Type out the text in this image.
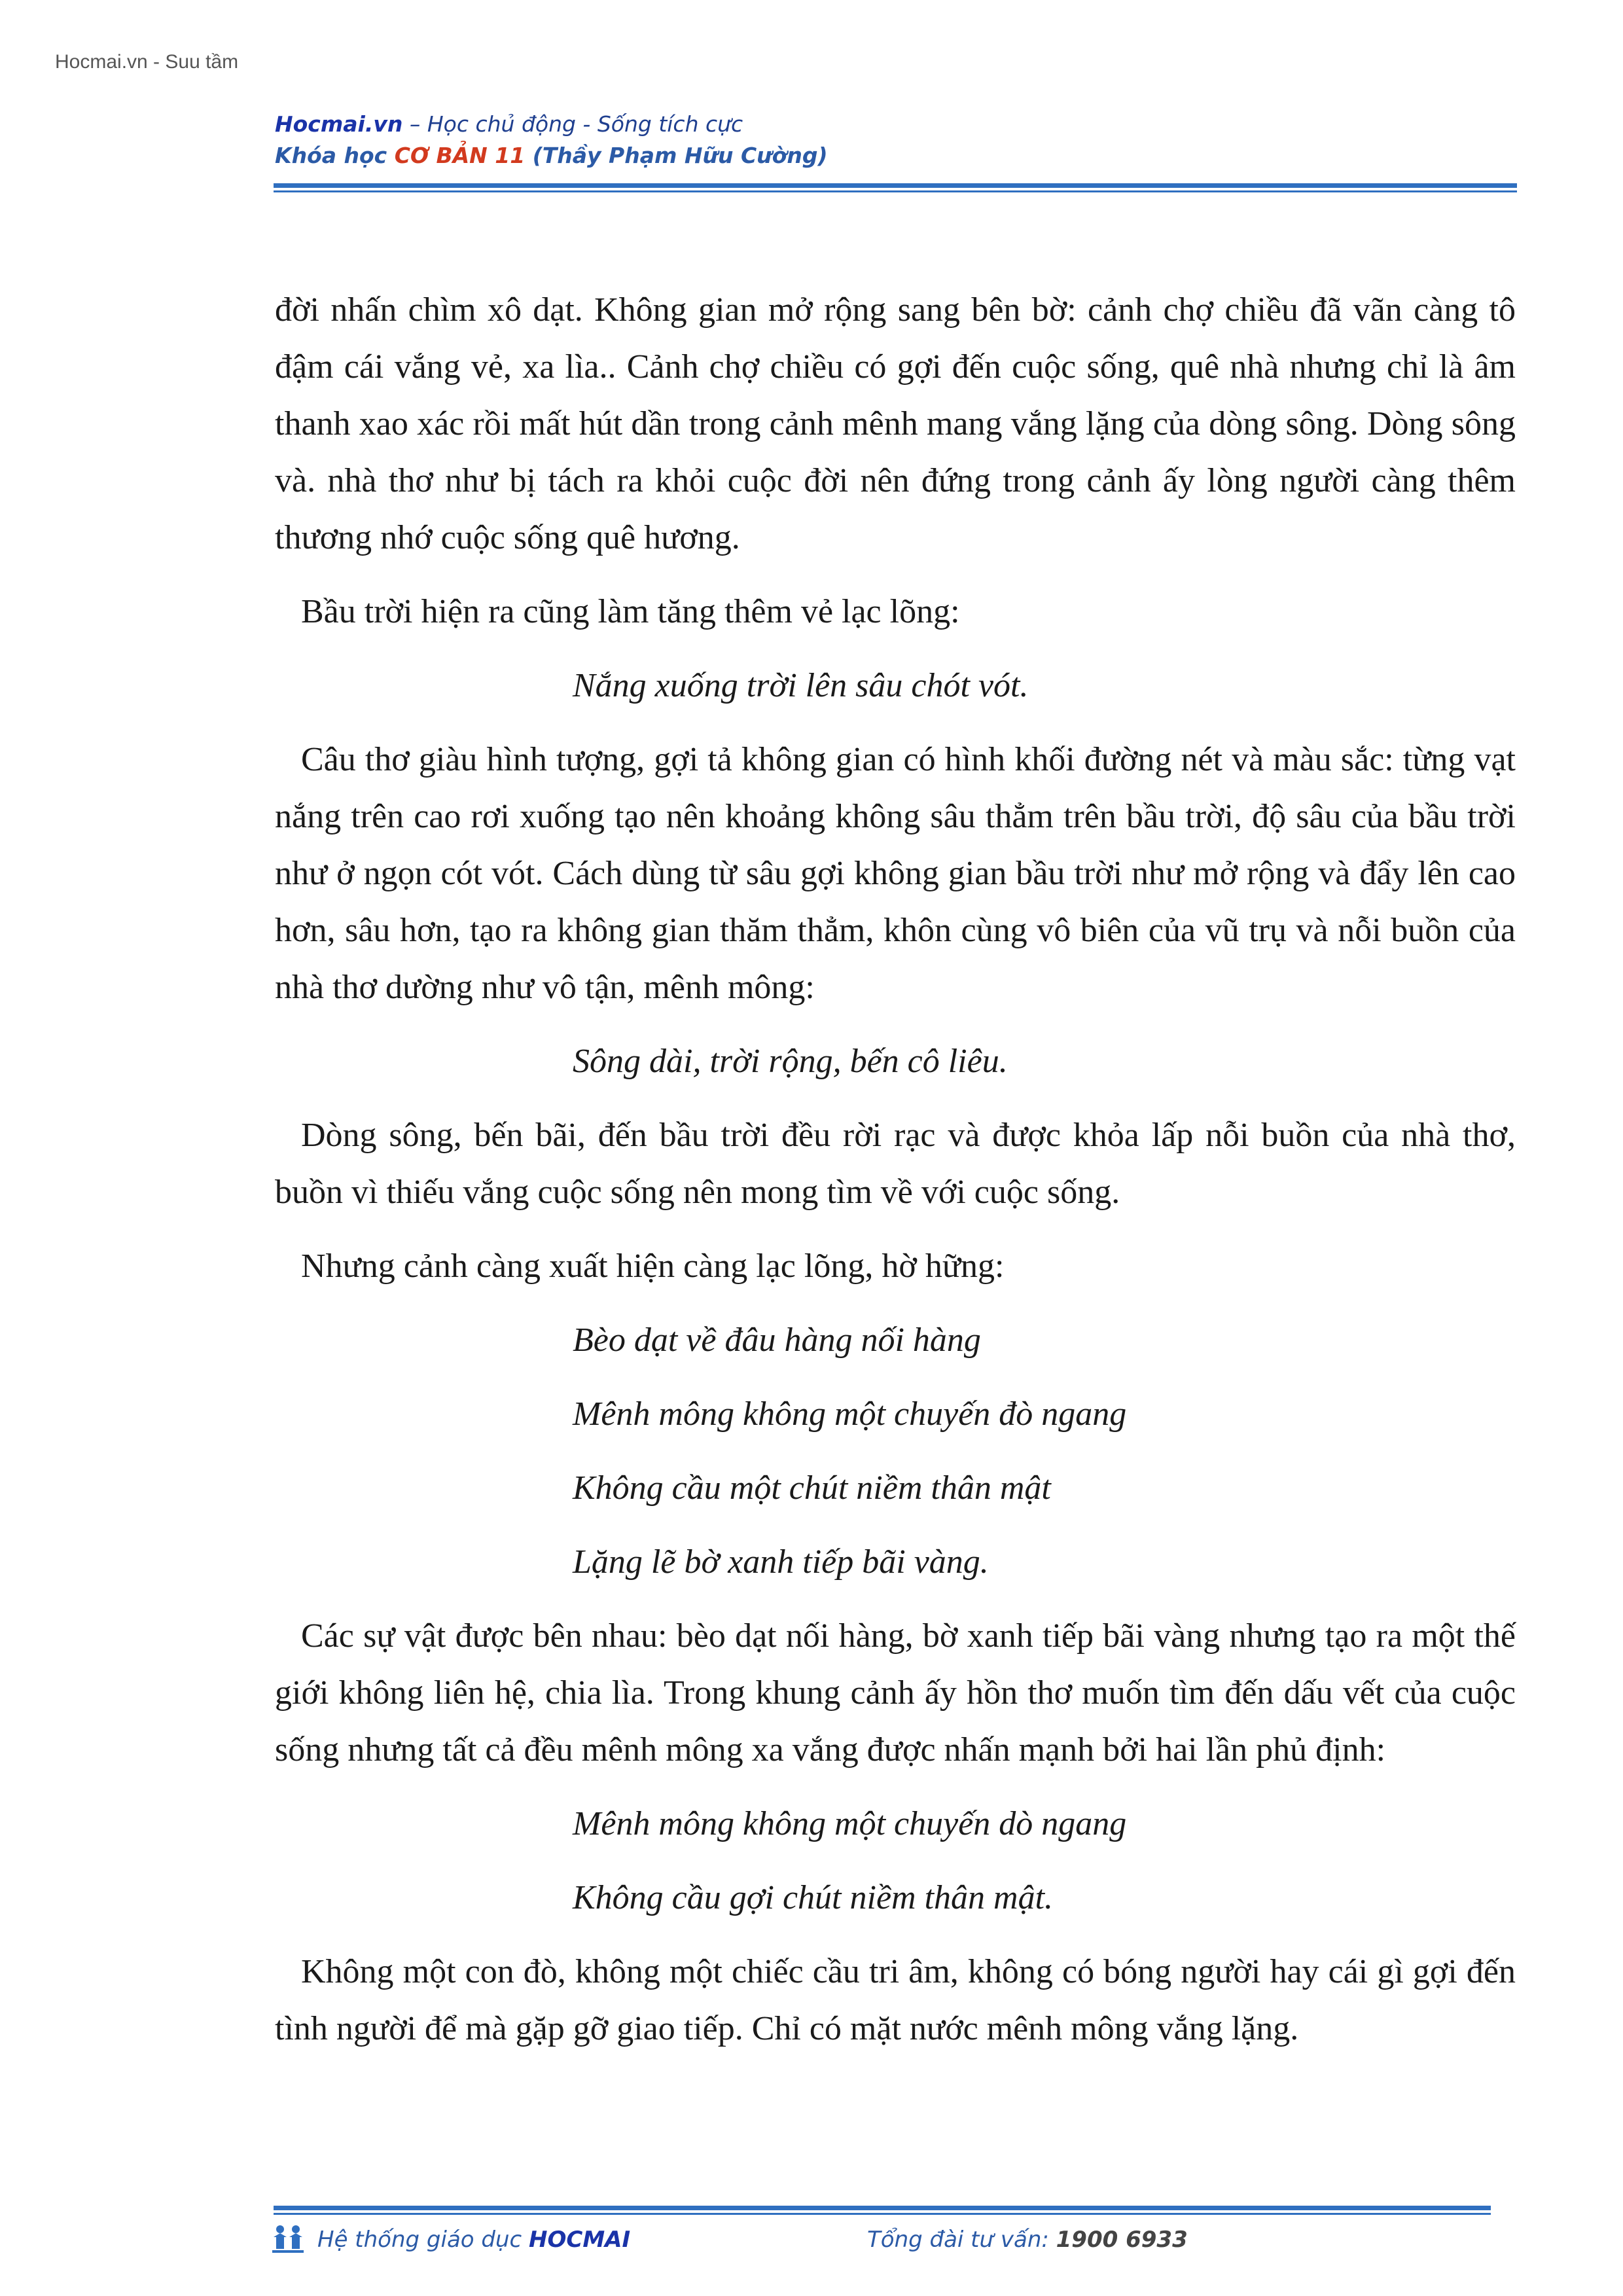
Hocmai.vn - Suu tầm
Hocmai.vn – Học chủ động - Sống tích cực
Khóa học CƠ BẢN 11 (Thầy Phạm Hữu Cường)

đời nhấn chìm xô dạt. Không gian mở rộng sang bên bờ: cảnh chợ chiều đã vãn càng tô đậm cái vắng vẻ, xa lìa.. Cảnh chợ chiều có gợi đến cuộc sống, quê nhà nhưng chỉ là âm thanh xao xác rồi mất hút dần trong cảnh mênh mang vắng lặng của dòng sông. Dòng sông và. nhà thơ như bị tách ra khỏi cuộc đời nên đứng trong cảnh ấy lòng người càng thêm thương nhớ cuộc sống quê hương.

Bầu trời hiện ra cũng làm tăng thêm vẻ lạc lõng:

Nắng xuống trời lên sâu chót vót.

Câu thơ giàu hình tượng, gợi tả không gian có hình khối đường nét và màu sắc: từng vạt nắng trên cao rơi xuống tạo nên khoảng không sâu thẳm trên bầu trời, độ sâu của bầu trời như ở ngọn cót vót. Cách dùng từ sâu gợi không gian bầu trời như mở rộng và đẩy lên cao hơn, sâu hơn, tạo ra không gian thăm thẳm, khôn cùng vô biên của vũ trụ và nỗi buồn của nhà thơ dường như vô tận, mênh mông:

Sông dài, trời rộng, bến cô liêu.

Dòng sông, bến bãi, đến bầu trời đều rời rạc và được khỏa lấp nỗi buồn của nhà thơ, buồn vì thiếu vắng cuộc sống nên mong tìm về với cuộc sống.

Nhưng cảnh càng xuất hiện càng lạc lõng, hờ hững:

Bèo dạt về đâu hàng nối hàng

Mênh mông không một chuyến đò ngang

Không cầu một chút niềm thân mật

Lặng lẽ bờ xanh tiếp bãi vàng.

Các sự vật được bên nhau: bèo dạt nối hàng, bờ xanh tiếp bãi vàng nhưng tạo ra một thế giới không liên hệ, chia lìa. Trong khung cảnh ấy hồn thơ muốn tìm đến dấu vết của cuộc sống nhưng tất cả đều mênh mông xa vắng được nhấn mạnh bởi hai lần phủ định:

Mênh mông không một chuyến dò ngang

Không cầu gợi chút niềm thân mật.

Không một con đò, không một chiếc cầu tri âm, không có bóng người hay cái gì gợi đến tình người để mà gặp gỡ giao tiếp. Chỉ có mặt nước mênh mông vắng lặng.

Hệ thống giáo dục HOCMAI	Tổng đài tư vấn: 1900 6933
